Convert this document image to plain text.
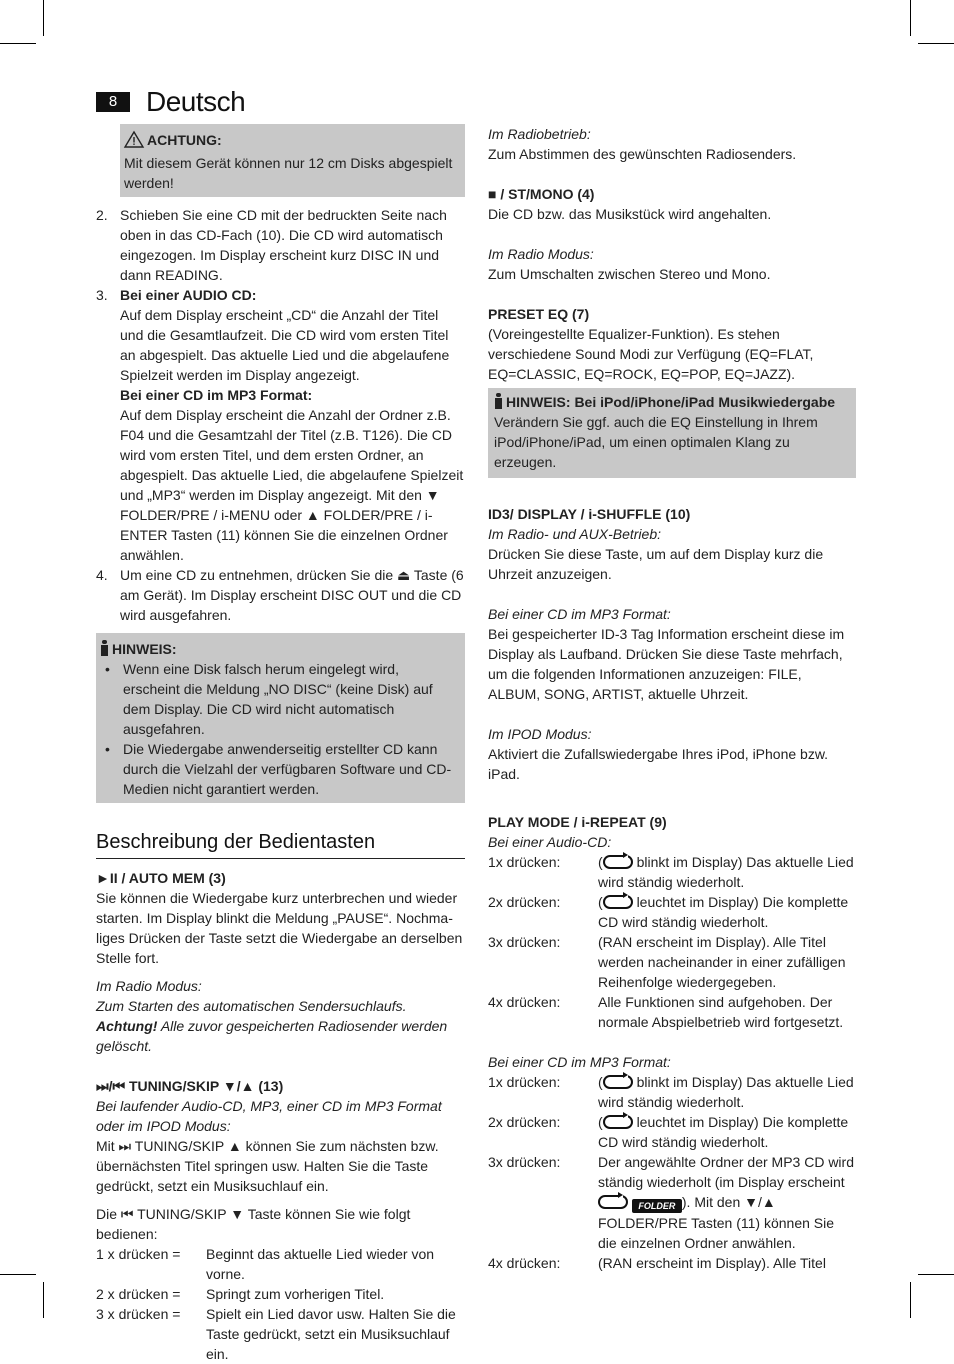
8	Deutsch

ACHTUNG:

Mit diesem Gerät können nur 12 cm Disks abgespielt werden!

2. Schieben Sie eine CD mit der bedruckten Seite nach oben in das CD-Fach (10). Die CD wird automatisch eingezogen. Im Display erscheint kurz DISC IN und dann READING.
3. Bei einer AUDIO CD:
Auf dem Display erscheint „CD“ die Anzahl der Titel und die Gesamtlaufzeit. Die CD wird vom ersten Titel an abgespielt. Das aktuelle Lied und die abgelaufene Spielzeit werden im Display angezeigt.
Bei einer CD im MP3 Format:
Auf dem Display erscheint die Anzahl der Ordner z.B. F04 und die Gesamtzahl der Titel (z.B. T126). Die CD wird vom ersten Titel, und dem ersten Ordner, an abgespielt. Das aktuelle Lied, die abgelaufene Spielzeit und „MP3“ werden im Display angezeigt. Mit den ▼ FOLDER/PRE / i-MENU oder ▲ FOLDER/PRE / i-ENTER Tasten (11) können Sie die einzelnen Ordner anwählen.
4. Um eine CD zu entnehmen, drücken Sie die ⏏ Taste (6 am Gerät). Im Display erscheint DISC OUT und die CD wird ausgefahren.

HINWEIS:

• Wenn eine Disk falsch herum eingelegt wird, erscheint die Meldung „NO DISC“ (keine Disk) auf dem Display. Die CD wird nicht automatisch ausgefahren.
• Die Wiedergabe anwenderseitig erstellter CD kann durch die Vielzahl der verfügbaren Software und CD-Medien nicht garantiert werden.
Beschreibung der Bedientasten

►II / AUTO MEM (3)

Sie können die Wiedergabe kurz unterbrechen und wieder starten. Im Display blinkt die Meldung „PAUSE“. Nochmaliges Drücken der Taste setzt die Wiedergabe an derselben Stelle fort.

Im Radio Modus:

Zum Starten des automatischen Sendersuchlaufs. Achtung! Alle zuvor gespeicherten Radiosender werden gelöscht.

⏭/⏮ TUNING/SKIP ▼/▲ (13)

Bei laufender Audio-CD, MP3, einer CD im MP3 Format oder im IPOD Modus:

Mit ⏭ TUNING/SKIP ▲ können Sie zum nächsten bzw. übernächsten Titel springen usw. Halten Sie die Taste gedrückt, setzt ein Musiksuchlauf ein.

Die ⏮ TUNING/SKIP ▼ Taste können Sie wie folgt bedienen:

1 x drücken =	Beginnt das aktuelle Lied wieder von vorne.
2 x drücken =	Springt zum vorherigen Titel.
3 x drücken =	Spielt ein Lied davor usw. Halten Sie die Taste gedrückt, setzt ein Musiksuchlauf ein.

Im Radiobetrieb:

Zum Abstimmen des gewünschten Radiosenders.

■ / ST/MONO (4)

Die CD bzw. das Musikstück wird angehalten.

Im Radio Modus:

Zum Umschalten zwischen Stereo und Mono.

PRESET EQ (7)

(Voreingestellte Equalizer-Funktion). Es stehen verschiedene Sound Modi zur Verfügung (EQ=FLAT, EQ=CLASSIC, EQ=ROCK, EQ=POP, EQ=JAZZ).

HINWEIS: Bei iPod/iPhone/iPad Musikwiedergabe

Verändern Sie ggf. auch die EQ Einstellung in Ihrem iPod/iPhone/iPad, um einen optimalen Klang zu erzeugen.

ID3/ DISPLAY / i-SHUFFLE (10)

Im Radio- und AUX-Betrieb:

Drücken Sie diese Taste, um auf dem Display kurz die Uhrzeit anzuzeigen.

Bei einer CD im MP3 Format:

Bei gespeicherter ID-3 Tag Information erscheint diese im Display als Laufband. Drücken Sie diese Taste mehrfach, um die folgenden Informationen anzuzeigen: FILE, ALBUM, SONG, ARTIST, aktuelle Uhrzeit.

Im IPOD Modus:

Aktiviert die Zufallswiedergabe Ihres iPod, iPhone bzw. iPad.

PLAY MODE / i-REPEAT (9)

Bei einer Audio-CD:

1x drücken:	( blinkt im Display) Das aktuelle Lied wird ständig wiederholt.
2x drücken:	( leuchtet im Display) Die komplette CD wird ständig wiederholt.
3x drücken:	(RAN erscheint im Display). Alle Titel werden nacheinander in einer zufälligen Reihenfolge wiedergegeben.
4x drücken:	Alle Funktionen sind aufgehoben. Der normale Abspielbetrieb wird fortgesetzt.

Bei einer CD im MP3 Format:

1x drücken:	( blinkt im Display) Das aktuelle Lied wird ständig wiederholt.
2x drücken:	( leuchtet im Display) Die komplette CD wird ständig wiederholt.
3x drücken:	Der angewählte Ordner der MP3 CD wird ständig wiederholt (im Display erscheint  FOLDER ). Mit den ▼/▲ FOLDER/PRE Tasten (11) können Sie die einzelnen Ordner anwählen.
4x drücken:	(RAN erscheint im Display). Alle Titel
